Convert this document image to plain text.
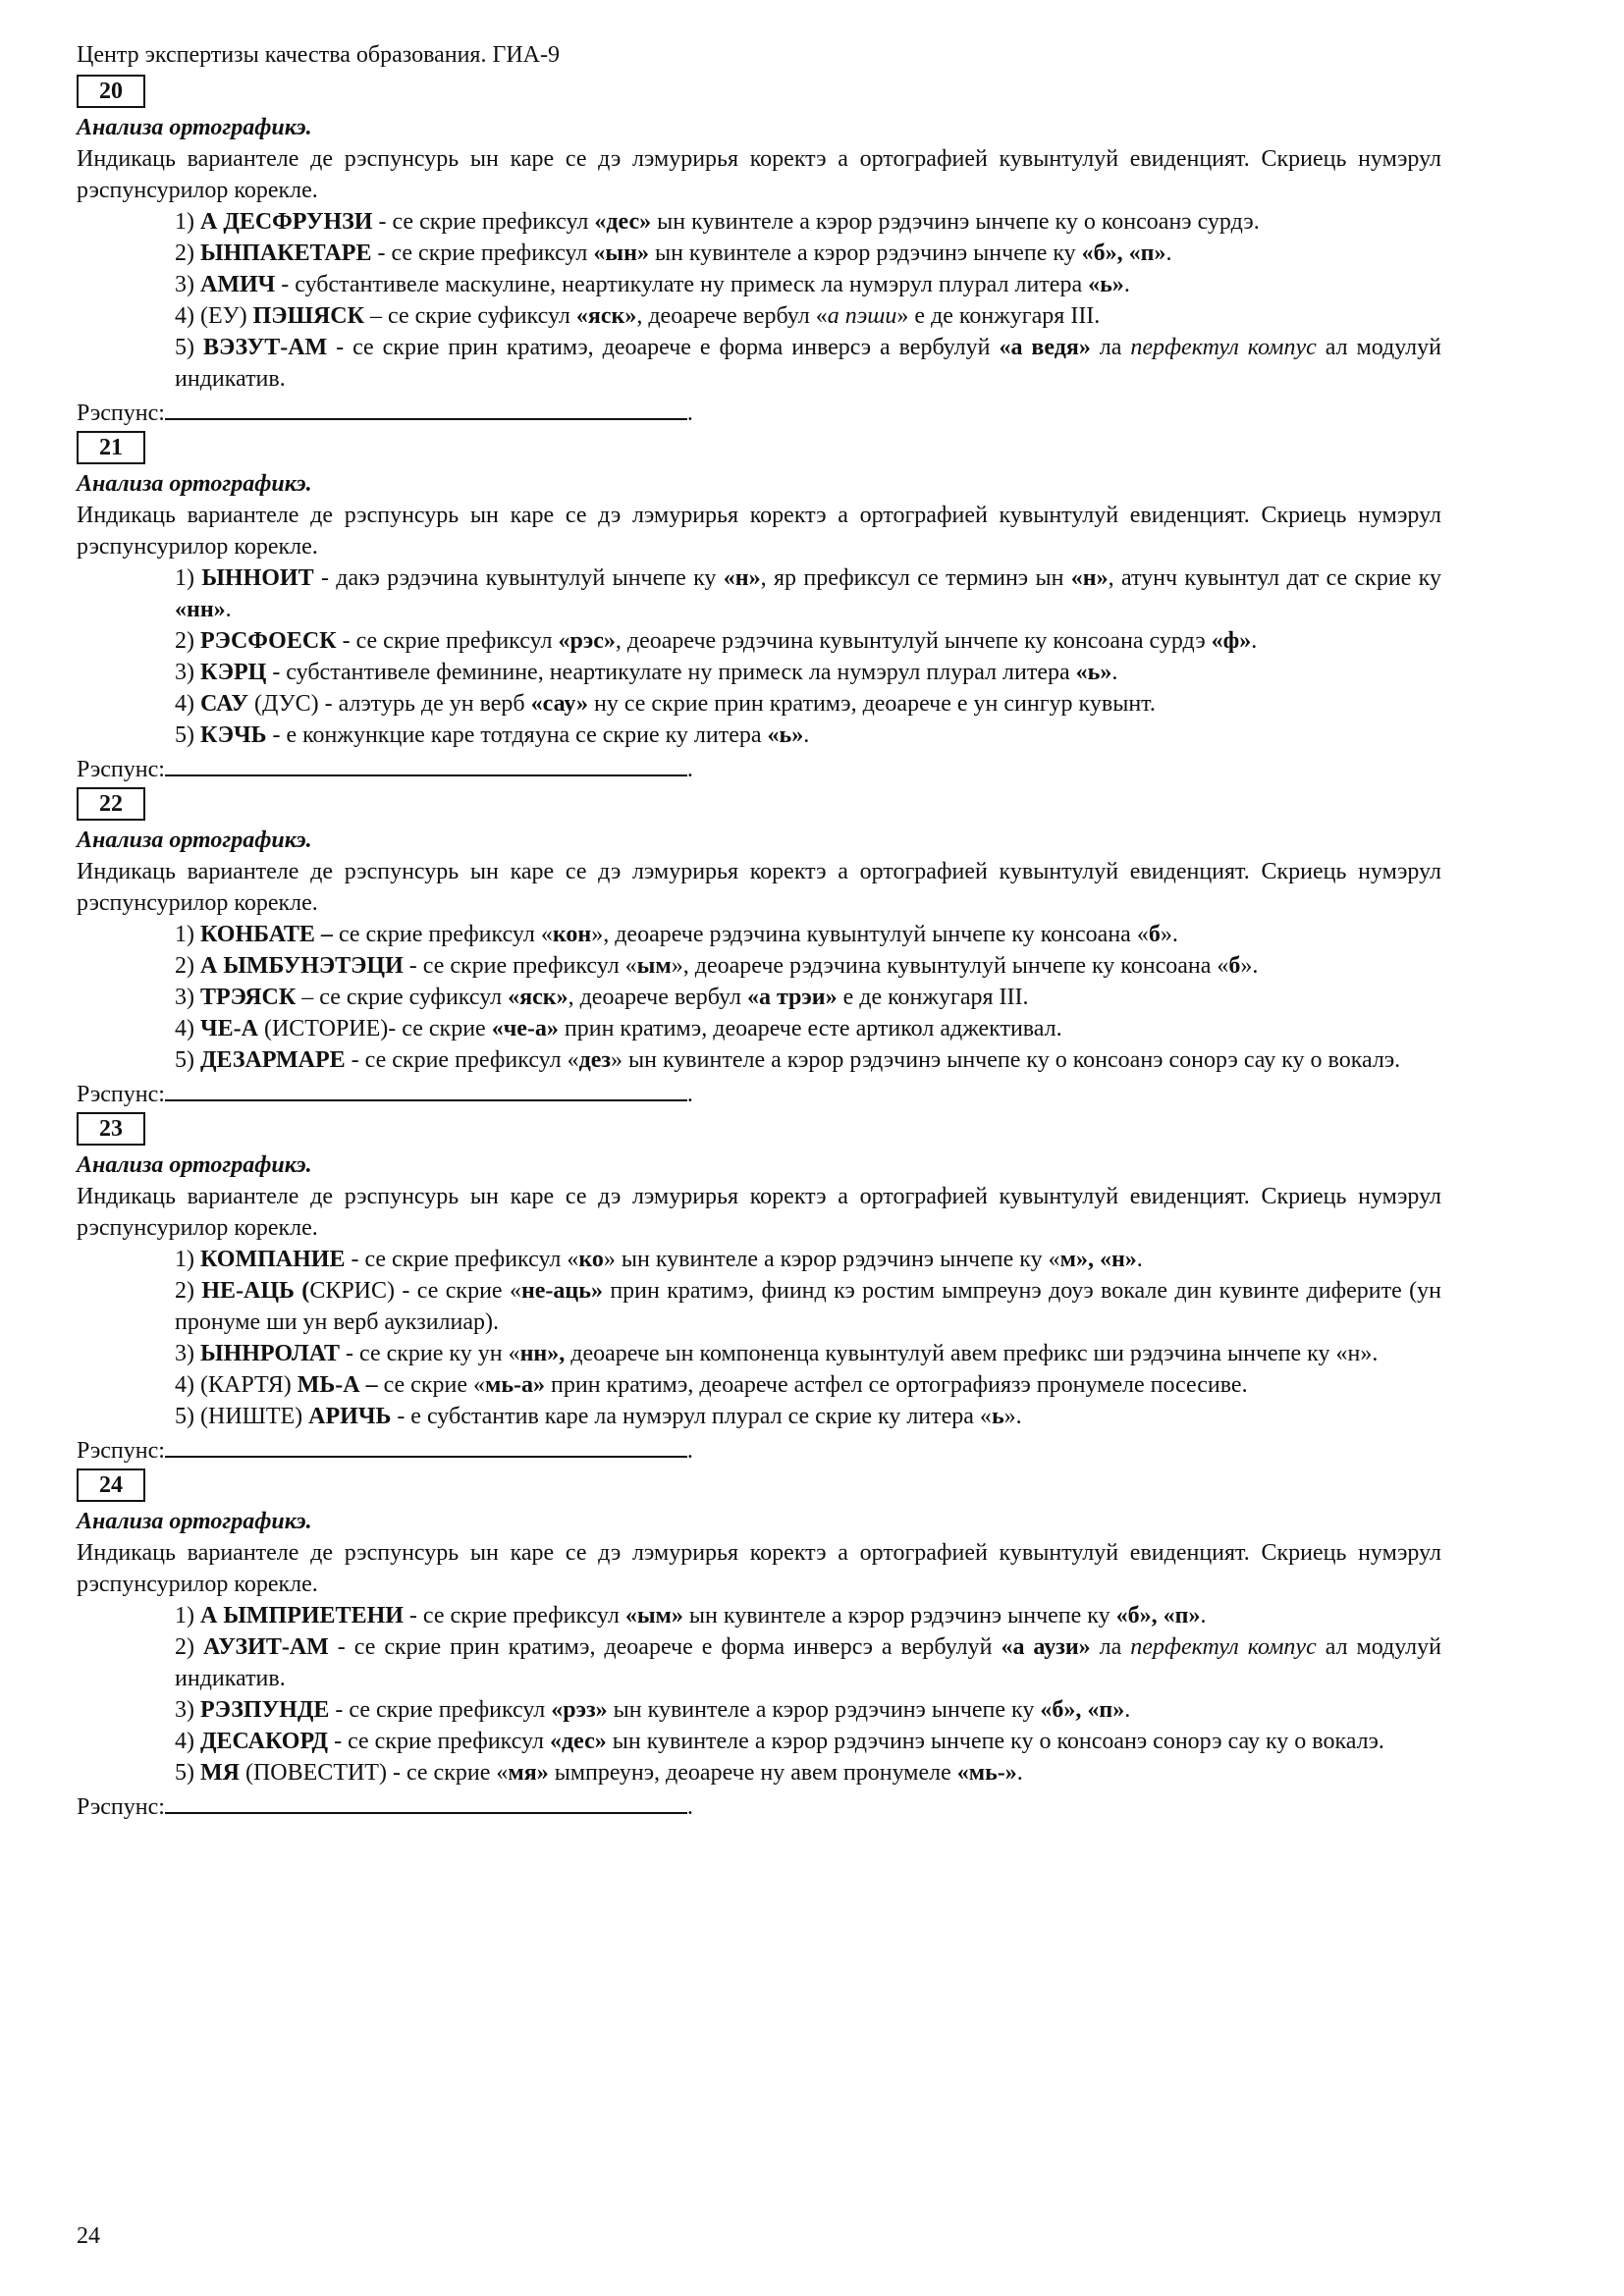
Центр экспертизы качества образования. ГИА-9
20
Анализа ортографикэ.
Индикаць вариантеле де рэспунсурь ын каре се дэ лэмурирья коректэ а ортографией кувынтулуй евиденцият. Скриець нумэрул рэспунсурилор корекле.
1) А ДЕСФРУНЗИ - се скрие префиксул «дес» ын кувинтеле а кэрор рэдэчинэ ынчепе ку о консоанэ сурдэ.
2) ЫНПАКЕТАРЕ - се скрие префиксул «ын» ын кувинтеле а кэрор рэдэчинэ ынчепе ку «б», «п».
3) АМИЧ - субстантивеле маскулине, неартикулате ну примеск ла нумэрул плурал литера «ь».
4) (ЕУ) ПЭШЯСК – се скрие суфиксул «яск», деоарече вербул «а пэши» е де конжугаря III.
5) ВЭЗУТ-АМ - се скрие прин кратимэ, деоарече е форма инверсэ а вербулуй «а ведя» ла перфектул компус ал модулуй индикатив.
Рэспунс:	.
21
Анализа ортографикэ.
Индикаць вариантеле де рэспунсурь ын каре се дэ лэмурирья коректэ а ортографией кувынтулуй евиденцият. Скриець нумэрул рэспунсурилор корекле.
1) ЫННОИТ - дакэ рэдэчина кувынтулуй ынчепе ку «н», яр префиксул се терминэ ын «н», атунч кувынтул дат се скрие ку «нн».
2) РЭСФОЕСК - се скрие префиксул «рэс», деоарече рэдэчина кувынтулуй ынчепе ку консоана сурдэ «ф».
3) КЭРЦ - субстантивеле феминине, неартикулате ну примеск ла нумэрул плурал литера «ь».
4) САУ (ДУС) - алэтурь де ун верб «сау» ну се скрие прин кратимэ, деоарече е ун сингур кувынт.
5) КЭЧЬ - е конжункцие каре тотдяуна се скрие ку литера «ь».
Рэспунс:	.
22
Анализа ортографикэ.
Индикаць вариантеле де рэспунсурь ын каре се дэ лэмурирья коректэ а ортографией кувынтулуй евиденцият. Скриець нумэрул рэспунсурилор корекле.
1) КОНБАТЕ – се скрие префиксул «кон», деоарече рэдэчина кувынтулуй ынчепе ку консоана «б».
2) А ЫМБУНЭТЭЦИ - се скрие префиксул «ым», деоарече рэдэчина кувынтулуй ынчепе ку консоана «б».
3) ТРЭЯСК – се скрие суфиксул «яск», деоарече вербул «а трэи» е де конжугаря III.
4) ЧЕ-А (ИСТОРИЕ)- се скрие «че-а» прин кратимэ, деоарече есте артикол аджективал.
5) ДЕЗАРМАРЕ - се скрие префиксул «дез» ын кувинтеле а кэрор рэдэчинэ ынчепе ку о консоанэ сонорэ сау ку о вокалэ.
Рэспунс:	.
23
Анализа ортографикэ.
Индикаць вариантеле де рэспунсурь ын каре се дэ лэмурирья коректэ а ортографией кувынтулуй евиденцият. Скриець нумэрул рэспунсурилор корекле.
1) КОМПАНИЕ - се скрие префиксул «ко» ын кувинтеле а кэрор рэдэчинэ ынчепе ку «м», «н».
2) НЕ-АЦЬ (СКРИС) - се скрие «не-аць» прин кратимэ, фиинд кэ ростим ымпреунэ доуэ вокале дин кувинте диферите (ун пронуме ши ун верб аукзилиар).
3) ЫННРОЛАТ - се скрие ку ун «нн», деоарече ын компоненца кувынтулуй авем префикс ши рэдэчина ынчепе ку «н».
4) (КАРТЯ) МЬ-А – се скрие «мь-а» прин кратимэ, деоарече астфел се ортографиязэ пронумеле посесиве.
5) (НИШТЕ) АРИЧЬ - е субстантив каре ла нумэрул плурал се скрие ку литера «ь».
Рэспунс:	.
24
Анализа ортографикэ.
Индикаць вариантеле де рэспунсурь ын каре се дэ лэмурирья коректэ а ортографией кувынтулуй евиденцият. Скриець нумэрул рэспунсурилор корекле.
1) А ЫМПРИЕТЕНИ - се скрие префиксул «ым» ын кувинтеле а кэрор рэдэчинэ ынчепе ку «б», «п».
2) АУЗИТ-АМ - се скрие прин кратимэ, деоарече е форма инверсэ а вербулуй «а аузи» ла перфектул компус ал модулуй индикатив.
3) РЭЗПУНДЕ - се скрие префиксул «рэз» ын кувинтеле а кэрор рэдэчинэ ынчепе ку «б», «п».
4) ДЕСАКОРД - се скрие префиксул «дес» ын кувинтеле а кэрор рэдэчинэ ынчепе ку о консоанэ сонорэ сау ку о вокалэ.
5) МЯ (ПОВЕСТИТ) - се скрие «мя» ымпреунэ, деоарече ну авем пронумеле «мь-».
Рэспунс:	.
24
